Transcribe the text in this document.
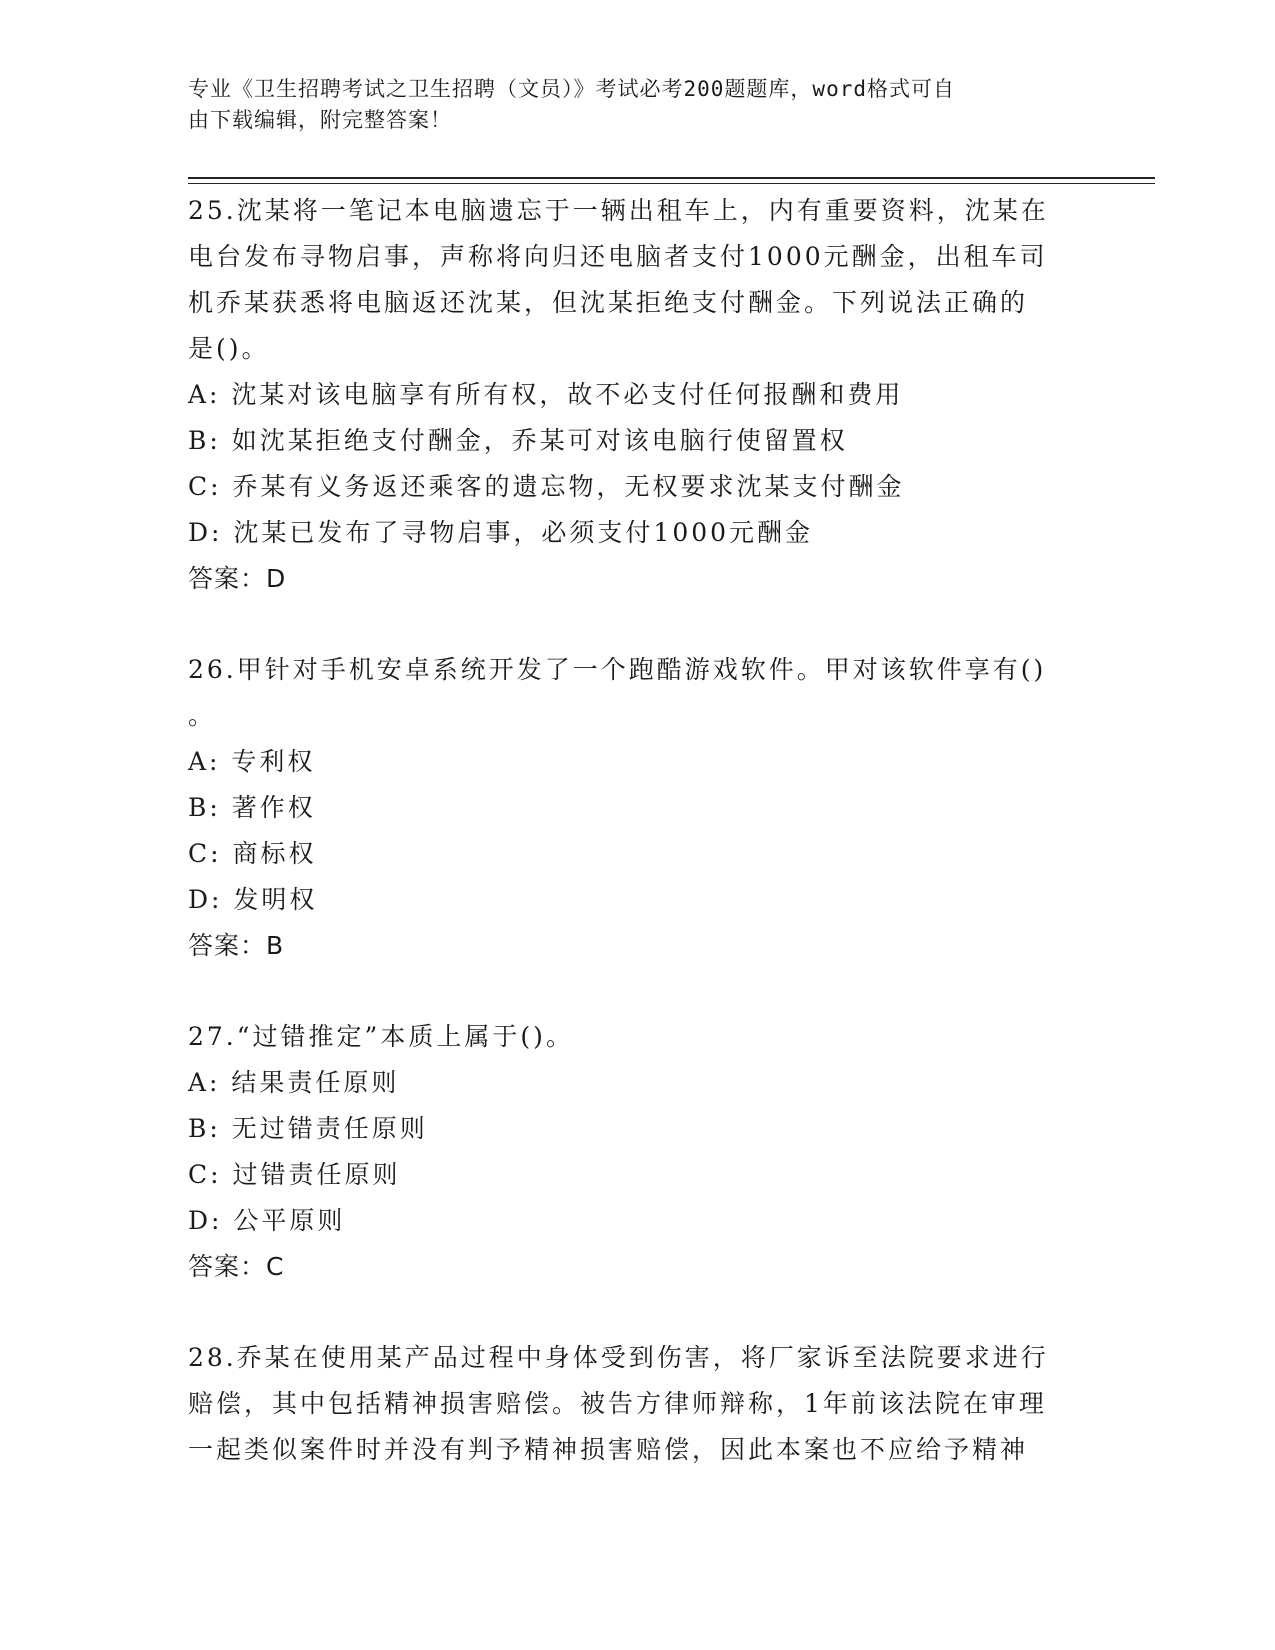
专业《卫生招聘考试之卫生招聘（文员）》考试必考200题题库，word格式可自
由下载编辑，附完整答案！

25.沈某将一笔记本电脑遗忘于一辆出租车上，内有重要资料，沈某在

电台发布寻物启事，声称将向归还电脑者支付1000元酬金，出租车司

机乔某获悉将电脑返还沈某，但沈某拒绝支付酬金。下列说法正确的

是()。

A: 沈某对该电脑享有所有权，故不必支付任何报酬和费用

B: 如沈某拒绝支付酬金，乔某可对该电脑行使留置权

C: 乔某有义务返还乘客的遗忘物，无权要求沈某支付酬金

D: 沈某已发布了寻物启事，必须支付1000元酬金

答案：D

26.甲针对手机安卓系统开发了一个跑酷游戏软件。甲对该软件享有()

。

A: 专利权

B: 著作权

C: 商标权

D: 发明权

答案：B

27.“过错推定”本质上属于()。

A: 结果责任原则

B: 无过错责任原则

C: 过错责任原则

D: 公平原则

答案：C

28.乔某在使用某产品过程中身体受到伤害，将厂家诉至法院要求进行

赔偿，其中包括精神损害赔偿。被告方律师辩称，1年前该法院在审理

一起类似案件时并没有判予精神损害赔偿，因此本案也不应给予精神
